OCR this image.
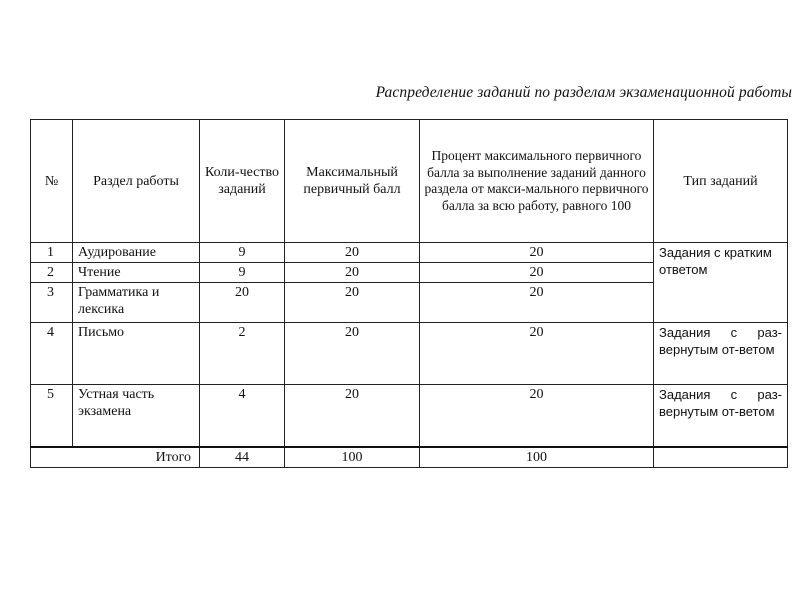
Распределение заданий по разделам экзаменационной работы
№	Раздел работы	Коли-чество заданий	Максимальный первичный балл	Процент максимального первичного балла за выполнение заданий данного раздела от макси-мального первичного балла за всю работу, равного 100	Тип заданий
1	Аудирование	9	20	20	Задания с кратким ответом
2	Чтение	9	20	20	
3	Грамматика и лексика	20	20	20	
4	Письмо	2	20	20	Задания с раз-вернутым от-ветом
5	Устная часть экзамена	4	20	20	Задания с раз-вернутым от-ветом
Итого		44	100	100	
